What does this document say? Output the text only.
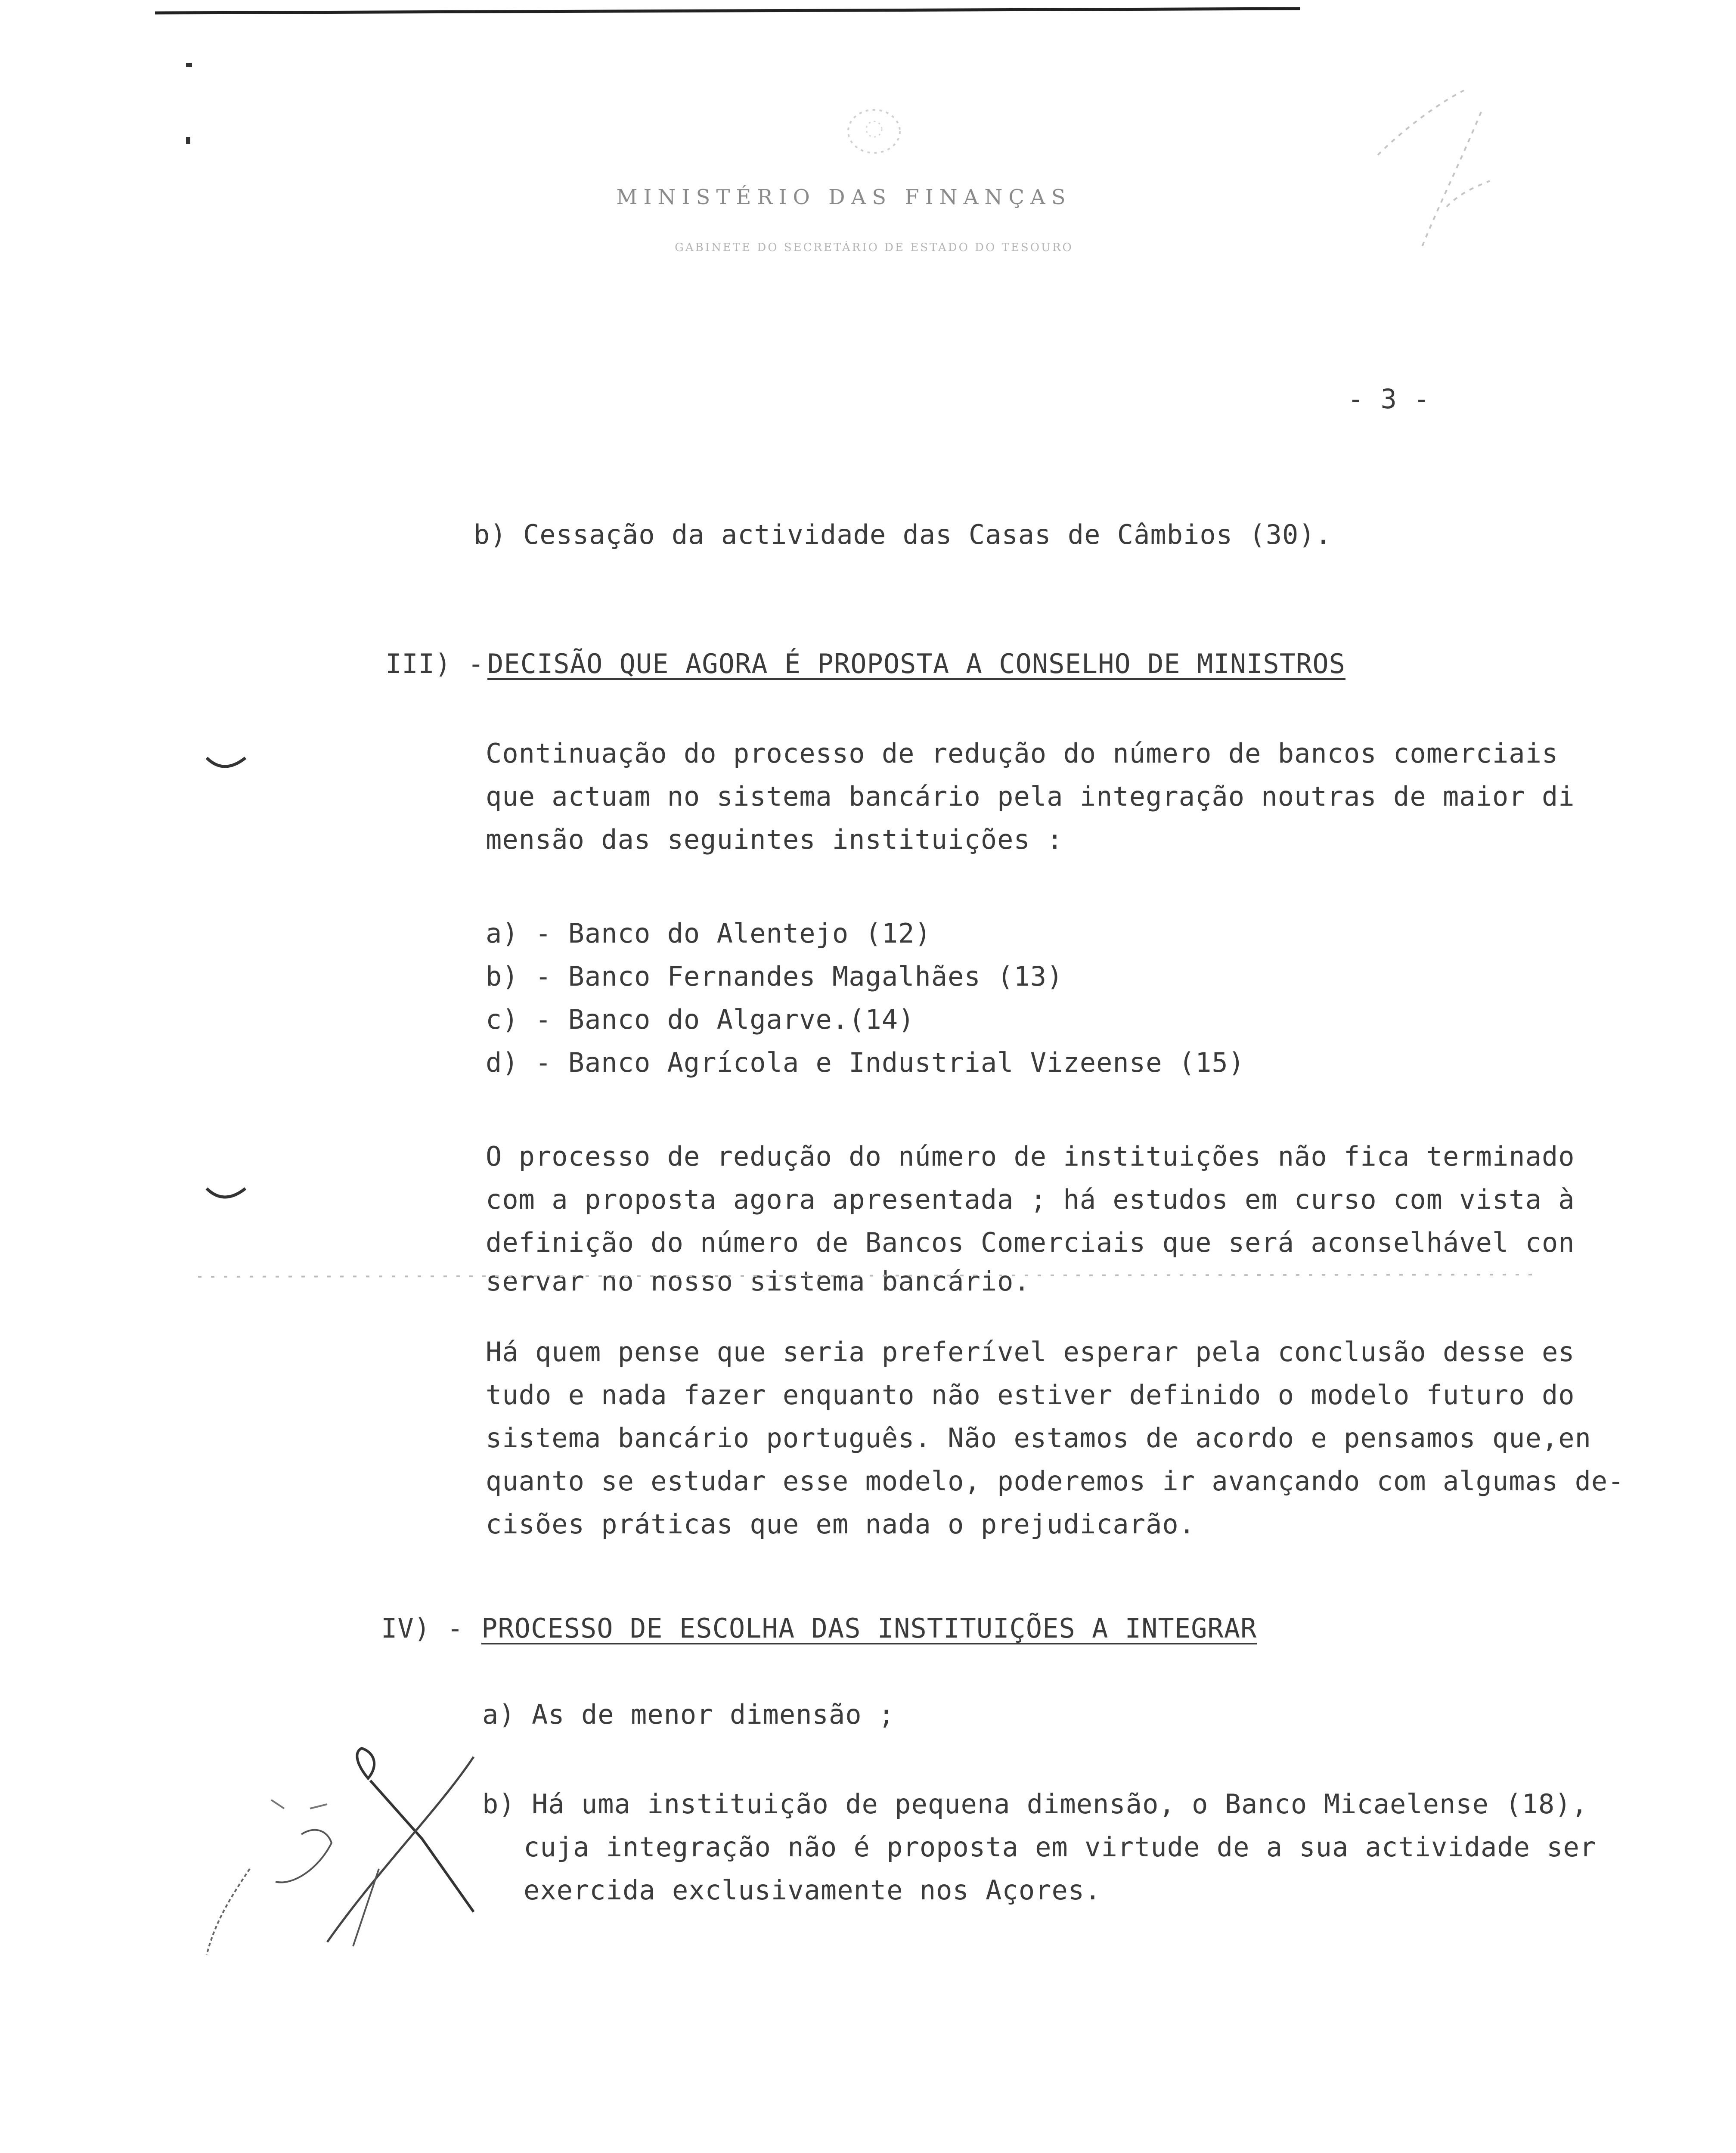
MINISTÉRIO DAS FINANÇAS
GABINETE DO SECRETÁRIO DE ESTADO DO TESOURO
- 3 -
b) Cessação da actividade das Casas de Câmbios (30).
III) - DECISÃO QUE AGORA É PROPOSTA A CONSELHO DE MINISTROS
Continuação do processo de redução do número de bancos comerciais
que actuam no sistema bancário pela integração noutras de maior di
mensão das seguintes instituições :
a) - Banco do Alentejo (12)
b) - Banco Fernandes Magalhães (13)
c) - Banco do Algarve.(14)
d) - Banco Agrícola e Industrial Vizeense (15)
O processo de redução do número de instituições não fica terminado
com a proposta agora apresentada ; há estudos em curso com vista à
definição do número de Bancos Comerciais que será aconselhável con
servar no nosso sistema bancário.
Há quem pense que seria preferível esperar pela conclusão desse es
tudo e nada fazer enquanto não estiver definido o modelo futuro do
sistema bancário português. Não estamos de acordo e pensamos que,en
quanto se estudar esse modelo, poderemos ir avançando com algumas de-
cisões práticas que em nada o prejudicarão.
IV) - PROCESSO DE ESCOLHA DAS INSTITUIÇÕES A INTEGRAR
a) As de menor dimensão ;
b) Há uma instituição de pequena dimensão, o Banco Micaelense (18),
cuja integração não é proposta em virtude de a sua actividade ser
exercida exclusivamente nos Açores.
